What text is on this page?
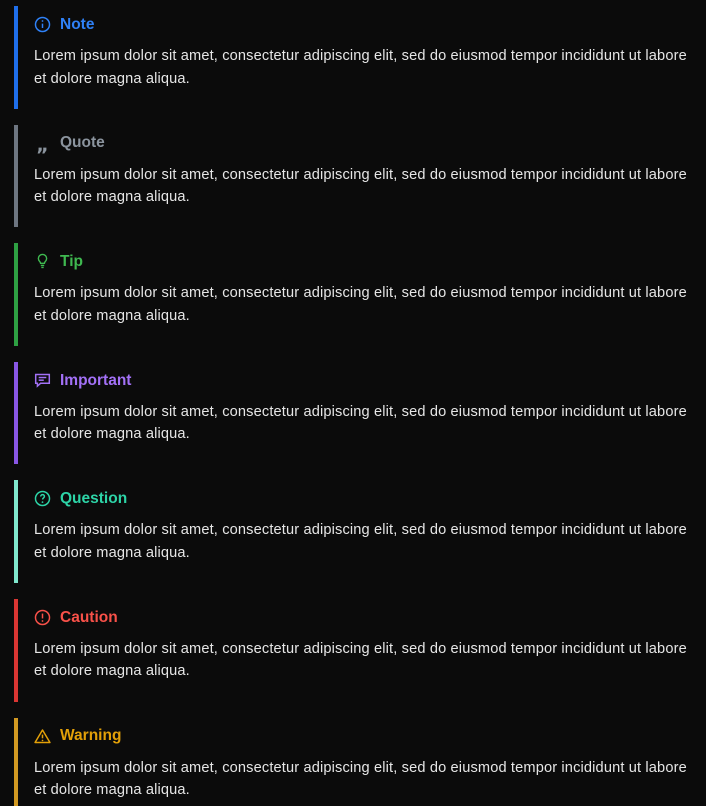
Note

Lorem ipsum dolor sit amet, consectetur adipiscing elit, sed do eiusmod tempor incididunt ut labore et dolore magna aliqua.

„ Quote

Lorem ipsum dolor sit amet, consectetur adipiscing elit, sed do eiusmod tempor incididunt ut labore et dolore magna aliqua.

Tip

Lorem ipsum dolor sit amet, consectetur adipiscing elit, sed do eiusmod tempor incididunt ut labore et dolore magna aliqua.

Important

Lorem ipsum dolor sit amet, consectetur adipiscing elit, sed do eiusmod tempor incididunt ut labore et dolore magna aliqua.

Question

Lorem ipsum dolor sit amet, consectetur adipiscing elit, sed do eiusmod tempor incididunt ut labore et dolore magna aliqua.

Caution

Lorem ipsum dolor sit amet, consectetur adipiscing elit, sed do eiusmod tempor incididunt ut labore et dolore magna aliqua.

Warning

Lorem ipsum dolor sit amet, consectetur adipiscing elit, sed do eiusmod tempor incididunt ut labore et dolore magna aliqua.
